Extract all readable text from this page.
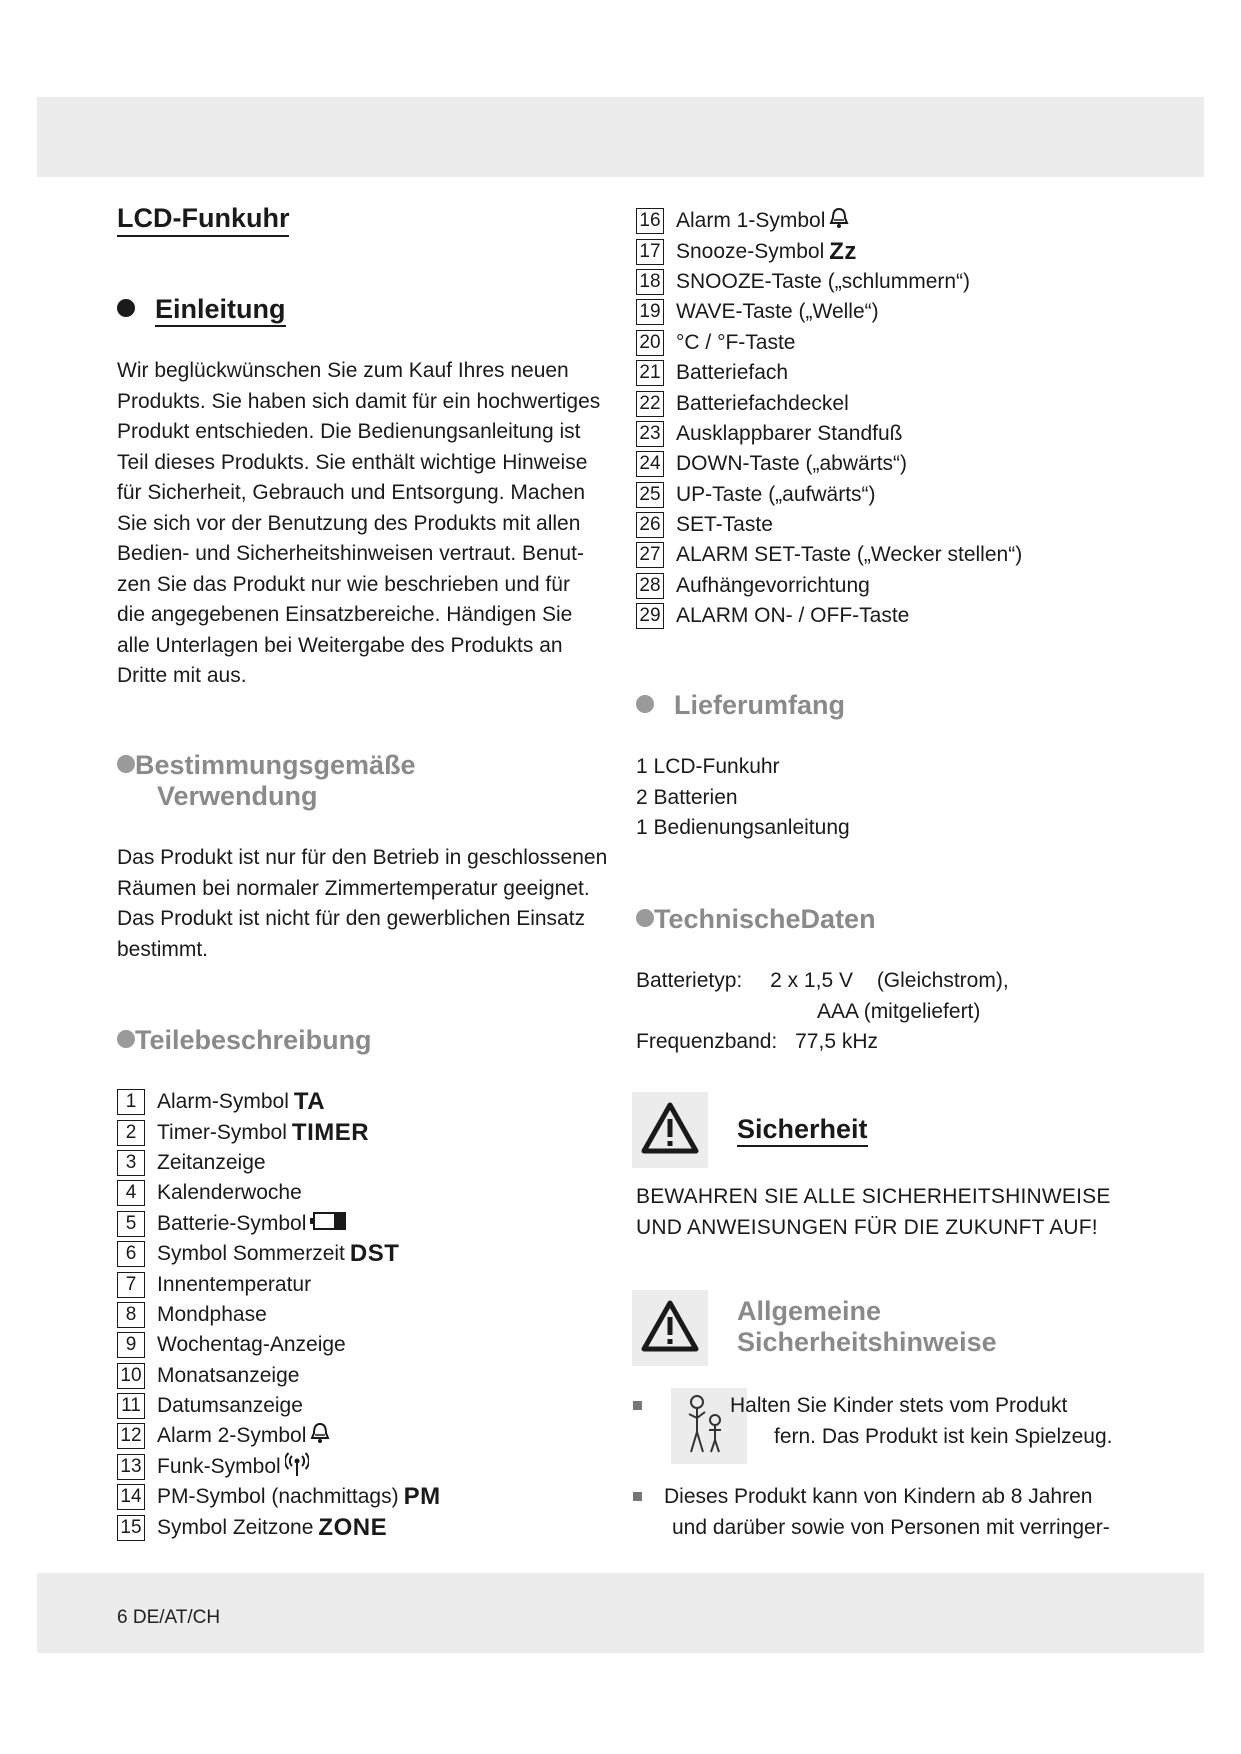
LCD-Funkuhr
Einleitung
Wir beglückwünschen Sie zum Kauf Ihres neuen
Produkts. Sie haben sich damit für ein hochwertiges
Produkt entschieden. Die Bedienungsanleitung ist
Teil dieses Produkts. Sie enthält wichtige Hinweise
für Sicherheit, Gebrauch und Entsorgung. Machen
Sie sich vor der Benutzung des Produkts mit allen
Bedien- und Sicherheitshinweisen vertraut. Benut-
zen Sie das Produkt nur wie beschrieben und für
die angegebenen Einsatzbereiche. Händigen Sie
alle Unterlagen bei Weitergabe des Produkts an
Dritte mit aus.
Bestimmungsgemäße
Verwendung
Das Produkt ist nur für den Betrieb in geschlossenen
Räumen bei normaler Zimmertemperatur geeignet.
Das Produkt ist nicht für den gewerblichen Einsatz
bestimmt.
Teilebeschreibung
1 Alarm-Symbol TA
2 Timer-Symbol TIMER
3 Zeitanzeige
4 Kalenderwoche
5 Batterie-Symbol
6 Symbol Sommerzeit DST
7 Innentemperatur
8 Mondphase
9 Wochentag-Anzeige
10 Monatsanzeige
11 Datumsanzeige
12 Alarm 2-Symbol
13 Funk-Symbol
14 PM-Symbol (nachmittags) PM
15 Symbol Zeitzone ZONE
16 Alarm 1-Symbol
17 Snooze-Symbol Zz
18 SNOOZE-Taste („schlummern“)
19 WAVE-Taste („Welle“)
20 °C / °F-Taste
21 Batteriefach
22 Batteriefachdeckel
23 Ausklappbarer Standfuß
24 DOWN-Taste („abwärts“)
25 UP-Taste („aufwärts“)
26 SET-Taste
27 ALARM SET-Taste („Wecker stellen“)
28 Aufhängevorrichtung
29 ALARM ON- / OFF-Taste
Lieferumfang
1 LCD-Funkuhr
2 Batterien
1 Bedienungsanleitung
TechnischeDaten
Batterietyp: 2 x 1,5 V (Gleichstrom),
AAA (mitgeliefert)
Frequenzband: 77,5 kHz
Sicherheit
BEWAHREN SIE ALLE SICHERHEITSHINWEISE
UND ANWEISUNGEN FÜR DIE ZUKUNFT AUF!
Allgemeine
Sicherheitshinweise
Halten Sie Kinder stets vom Produkt
fern. Das Produkt ist kein Spielzeug.
Dieses Produkt kann von Kindern ab 8 Jahren
und darüber sowie von Personen mit verringer-
6 DE/AT/CH
